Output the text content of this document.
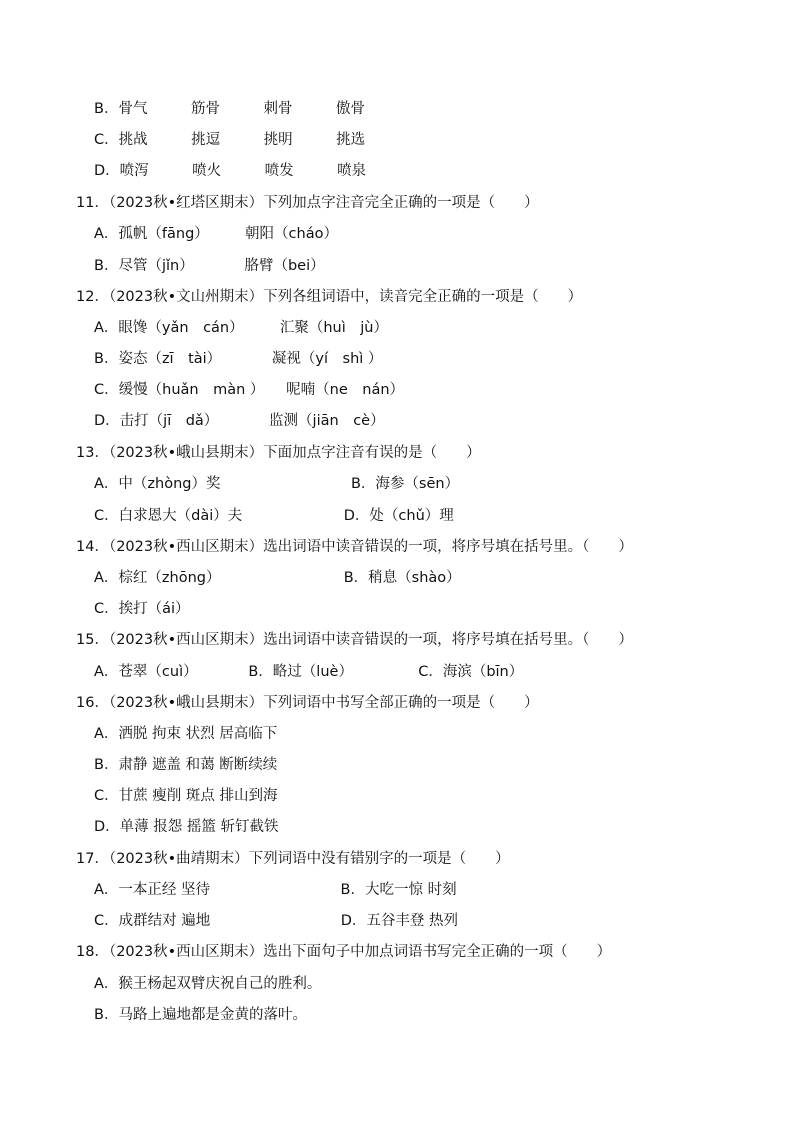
B．骨气　　　筋骨　　　刺骨　　　傲骨
C．挑战　　　挑逗　　　挑明　　　挑选
D．喷泻　　　喷火　　　喷发　　　喷泉
11．（2023秋•红塔区期末）下列加点字注音完全正确的一项是（　　）
A．孤帆（fāng）　　　朝阳（cháo）
B．尽管（jǐn）　　　　胳臂（bei）
12．（2023秋•文山州期末）下列各组词语中，读音完全正确的一项是（　　）
A．眼馋（yǎn　cán）　　　汇聚（huì　jù）
B．姿态（zī　tài）　　　　凝视（yí　shì ）
C．缓慢（huǎn　màn ）　　呢喃（ne　nán）
D．击打（jī　dǎ）　　　　监测（jiān　cè）
13．（2023秋•峨山县期末）下面加点字注音有误的是（　　）
A．中（zhòng）奖　　　　　　　　　B．海参（sēn）
C．白求恩大（dài）夫　　　　　　　D．处（chǔ）理
14．（2023秋•西山区期末）选出词语中读音错误的一项，将序号填在括号里。（　　）
A．棕红（zhōng）　　　　　　　　　B．稍息（shào）
C．挨打（ái）
15．（2023秋•西山区期末）选出词语中读音错误的一项，将序号填在括号里。（　　）
A．苍翠（cuì）　　　　B．略过（luè）　　　　　C．海滨（bīn）
16．（2023秋•峨山县期末）下列词语中书写全部正确的一项是（　　）
A．洒脱 拘束 状烈 居高临下
B．肃静 遮盖 和蔼 断断续续
C．甘蔗 瘦削 斑点 排山到海
D．单薄 报怨 摇篮 斩钉截铁
17．（2023秋•曲靖期末）下列词语中没有错别字的一项是（　　）
A．一本正经 坚待　　　　　　　　　B．大吃一惊 时刻
C．成群结对 遍地　　　　　　　　　D．五谷丰登 热列
18．（2023秋•西山区期末）选出下面句子中加点词语书写完全正确的一项（　　）
A．猴王杨起双臂庆祝自己的胜利。
B．马路上遍地都是金黄的落叶。
